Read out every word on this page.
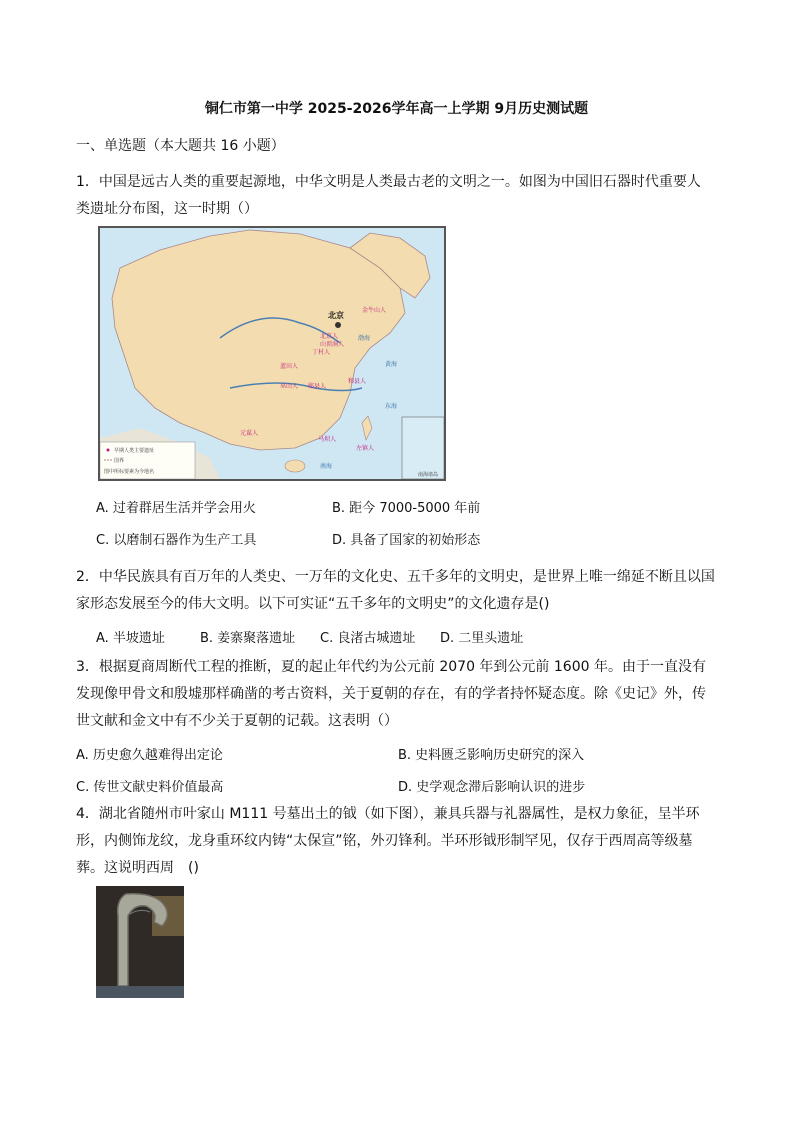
铜仁市第一中学 2025-2026学年高一上学期 9月历史测试题
一、单选题（本大题共 16 小题）
1．中国是远古人类的重要起源地，中华文明是人类最古老的文明之一。如图为中国旧石器时代重要人
类遗址分布图，这一时期（）
北京
金牛山人
北京人
山顶洞人
丁村人
蓝田人
巫山人 郧县人
和县人
元谋人
马坝人
左镇人
渤海
黄海
东海
南海
早期人类主要遗址
国界
图中所标要素为今地名	南海诸岛
A. 过着群居生活并学会用火	B. 距今 7000-5000 年前
C. 以磨制石器作为生产工具	D. 具备了国家的初始形态
2．中华民族具有百万年的人类史、一万年的文化史、五千多年的文明史，是世界上唯一绵延不断且以国家形态发展至今的伟大文明。以下可实证“五千多年的文明史”的文化遗存是()
A. 半坡遗址	B. 姜寨聚落遗址 C. 良渚古城遗址 D. 二里头遗址
3．根据夏商周断代工程的推断，夏的起止年代约为公元前 2070 年到公元前 1600 年。由于一直没有发现像甲骨文和殷墟那样确凿的考古资料，关于夏朝的存在，有的学者持怀疑态度。除《史记》外，传世文献和金文中有不少关于夏朝的记载。这表明（）
A. 历史愈久越难得出定论	B. 史料匮乏影响历史研究的深入
C. 传世文献史料价值最高	D. 史学观念滞后影响认识的进步
4．湖北省随州市叶家山 M111 号墓出土的钺（如下图），兼具兵器与礼器属性，是权力象征，呈半环形，内侧饰龙纹，龙身重环纹内铸“太保宣”铭，外刃锋利。半环形钺形制罕见，仅存于西周高等级墓葬。这说明西周　()
